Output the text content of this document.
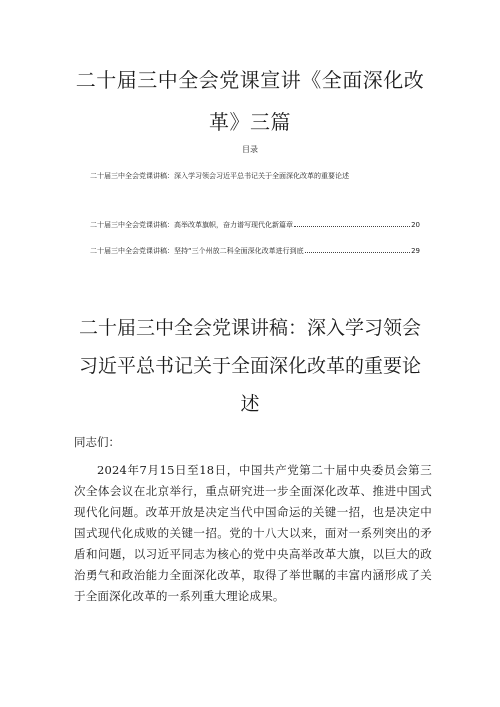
二十届三中全会党课宣讲《全面深化改
革》三篇
目录
二十届三中全会党课讲稿：深入学习领会习近平总书记关于全面深化改革的重要论述
二十届三中全会党课讲稿：高举改革旗帜，奋力谱写现代化新篇章	20
二十届三中全会党课讲稿：坚持“三个州放二科全面深化改革进行到底	29
二十届三中全会党课讲稿：深入学习领会
习近平总书记关于全面深化改革的重要论
述
同志们：
2024年7月15日至18日，中国共产党第二十届中央委员会第三次全体会议在北京举行，重点研究进一步全面深化改革、推进中国式现代化问题。改革开放是决定当代中国命运的关键一招，也是决定中国式现代化成败的关键一招。党的十八大以来，面对一系列突出的矛盾和问题，以习近平同志为核心的党中央高举改革大旗，以巨大的政治勇气和政治能力全面深化改革，取得了举世瞩的丰富内涵形成了关于全面深化改革的一系列重大理论成果。
